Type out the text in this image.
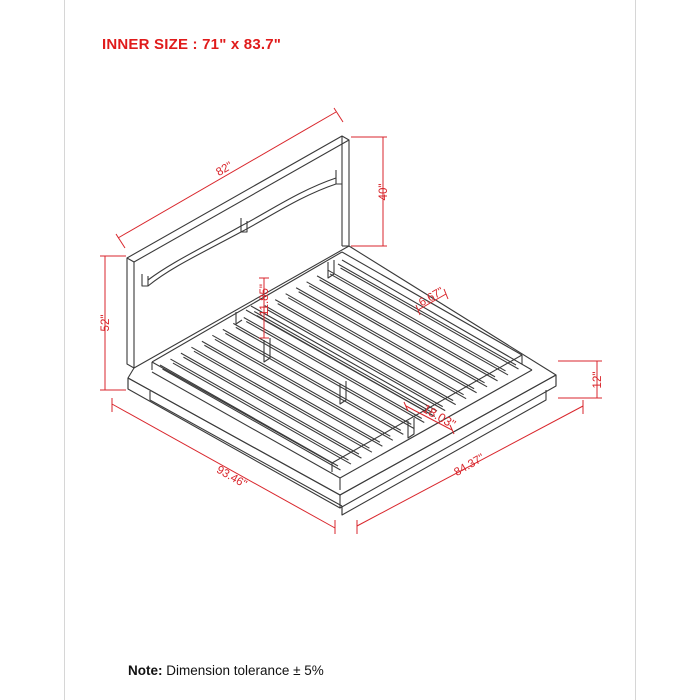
INNER SIZE : 71" x 83.7"
82"
40"
52"
11.85"	6.67"
18.03"
12"
93.46"	84.37"
Note: Dimension tolerance ± 5%
